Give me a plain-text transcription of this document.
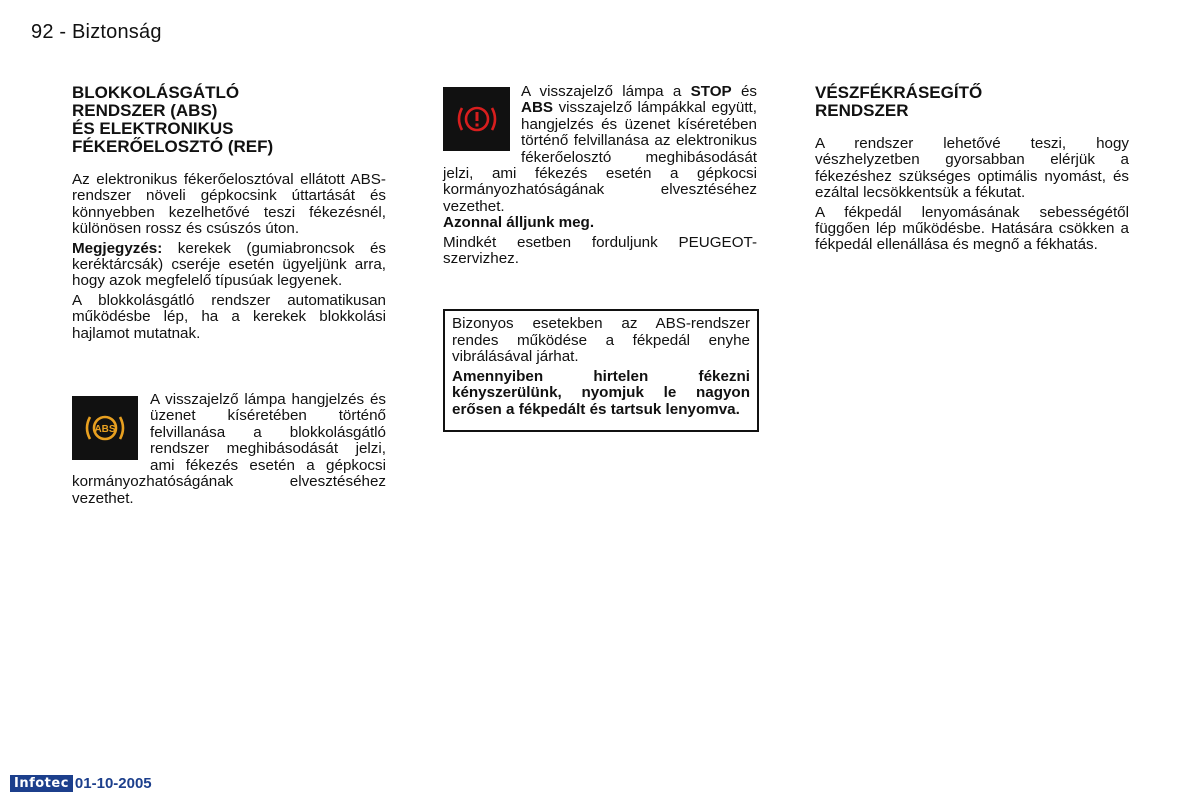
92 - Biztonság
BLOKKOLÁSGÁTLÓ
RENDSZER (ABS)
ÉS ELEKTRONIKUS
FÉKERŐELOSZTÓ (REF)

Az elektronikus fékerőelosztóval ellátott ABS-rendszer növeli gépkocsink úttartását és könnyebben kezelhetővé teszi fékezésnél, különösen rossz és csúszós úton.

Megjegyzés: kerekek (gumiabroncsok és keréktárcsák) cseréje esetén ügyeljünk arra, hogy azok megfelelő típusúak legyenek.

A blokkolásgátló rendszer automatikusan működésbe lép, ha a kerekek blokkolási hajlamot mutatnak.

ABS

A visszajelző lámpa hangjelzés és üzenet kíséretében történő felvillanása a blokkolásgátló rendszer meghibásodását jelzi, ami fékezés esetén a gépkocsi kormányozhatóságának elvesztéséhez vezethet.

A visszajelző lámpa a STOP és ABS visszajelző lámpákkal együtt, hangjelzés és üzenet kíséretében történő felvillanása az elektronikus fékerőelosztó meghibásodását jelzi, ami fékezés esetén a gépkocsi kormányozhatóságának elvesztéséhez vezethet.

Azonnal álljunk meg.

Mindkét esetben forduljunk PEUGEOT-szervizhez.

Bizonyos esetekben az ABS-rendszer rendes működése a fékpedál enyhe vibrálásával járhat.

Amennyiben hirtelen fékezni kényszerülünk, nyomjuk le nagyon erősen a fékpedált és tartsuk lenyomva.

VÉSZFÉKRÁSEGÍTŐ
RENDSZER

A rendszer lehetővé teszi, hogy vészhelyzetben gyorsabban elérjük a fékezéshez szükséges optimális nyomást, és ezáltal lecsökkentsük a fékutat.

A fékpedál lenyomásának sebességétől függően lép működésbe. Hatására csökken a fékpedál ellenállása és megnő a fékhatás.

Infotec 01-10-2005
